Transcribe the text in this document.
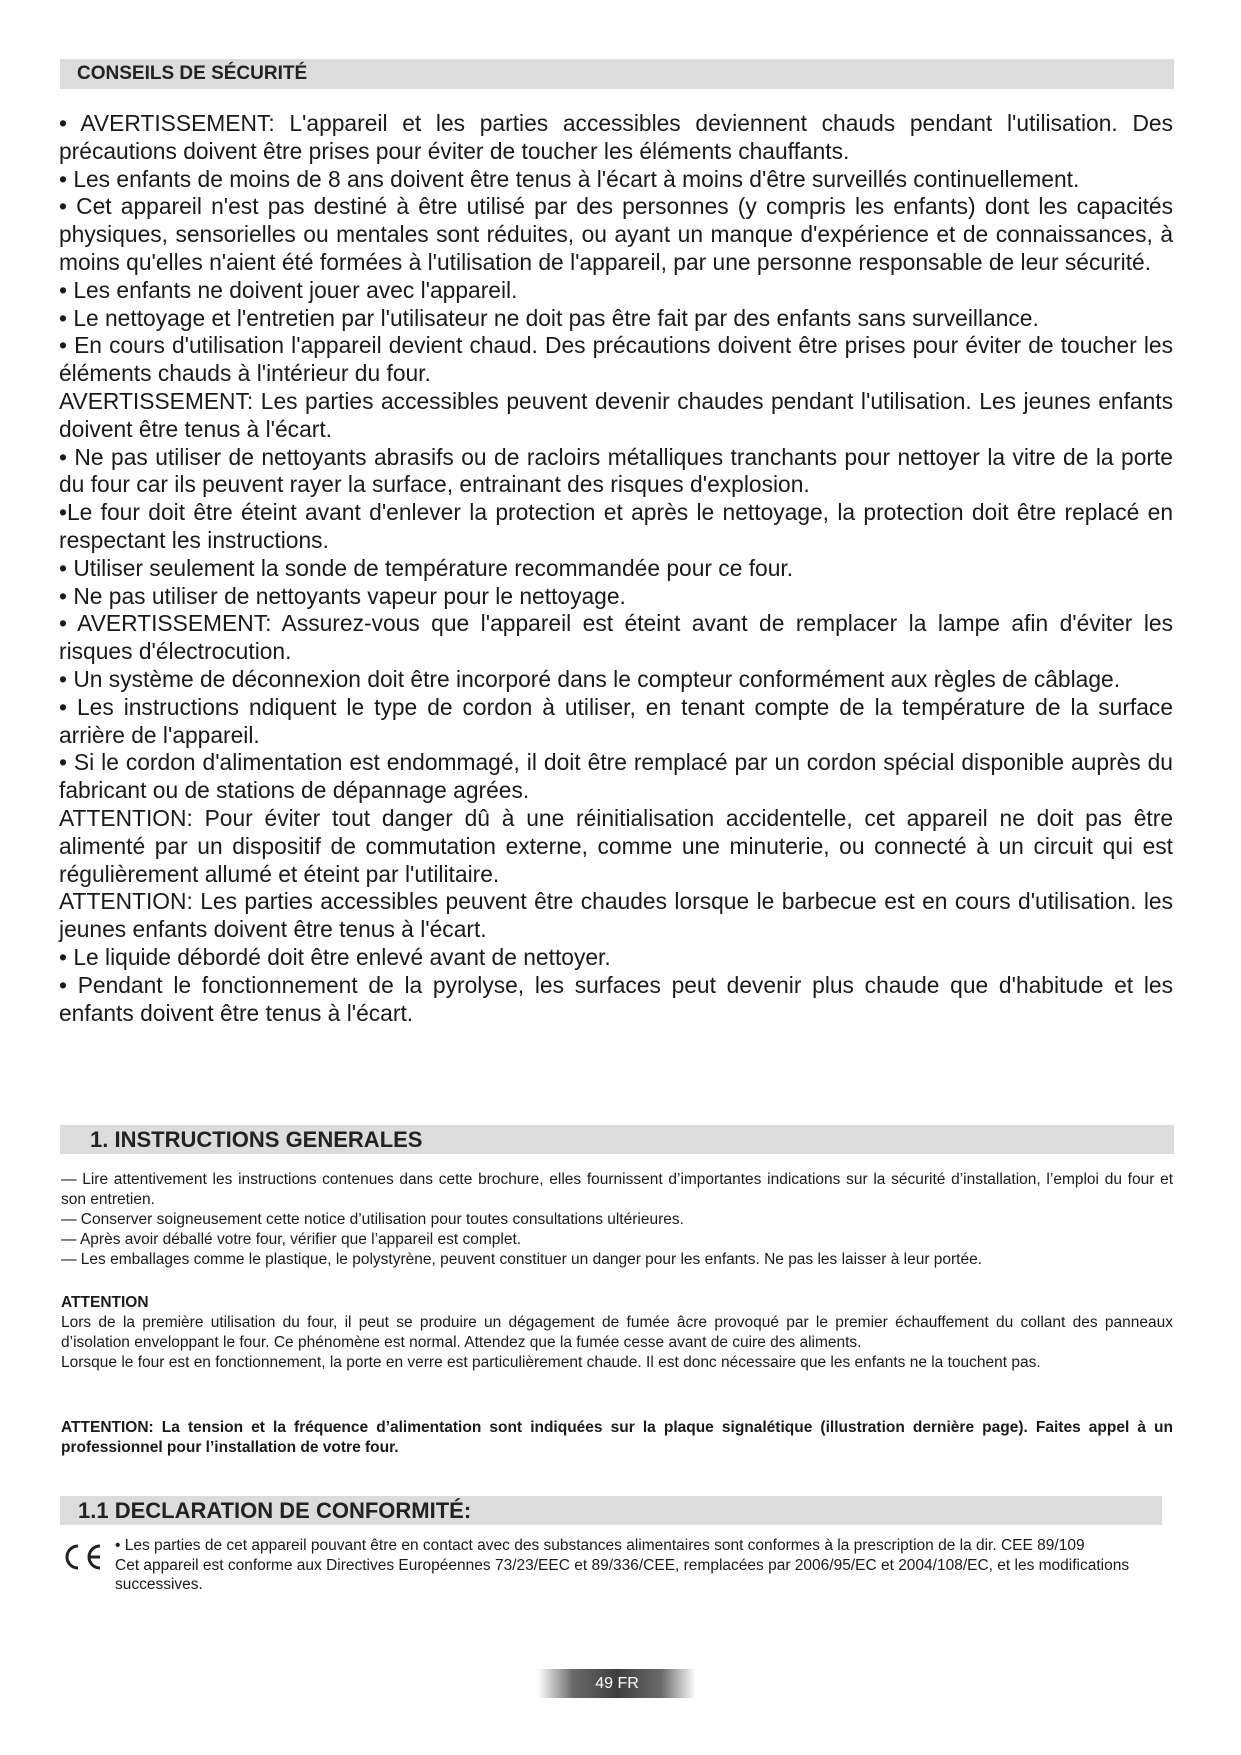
CONSEILS DE SÉCURITÉ

• AVERTISSEMENT: L'appareil et les parties accessibles deviennent chauds pendant l'utilisation. Des précautions doivent être prises pour éviter de toucher les éléments chauffants.

• Les enfants de moins de 8 ans doivent être tenus à l'écart à moins d'être surveillés continuellement.

• Cet appareil n'est pas destiné à être utilisé par des personnes (y compris les enfants) dont les capacités physiques, sensorielles ou mentales sont réduites, ou ayant un manque d'expérience et de connaissances, à moins qu'elles n'aient été formées à l'utilisation de l'appareil, par une personne responsable de leur sécurité.

• Les enfants ne doivent jouer avec l'appareil.

• Le nettoyage et l'entretien par l'utilisateur ne doit pas être fait par des enfants sans surveillance.

• En cours d'utilisation l'appareil devient chaud. Des précautions doivent être prises pour éviter de toucher les éléments chauds à l'intérieur du four.

AVERTISSEMENT: Les parties accessibles peuvent devenir chaudes pendant l'utilisation. Les jeunes enfants doivent être tenus à l'écart.

• Ne pas utiliser de nettoyants abrasifs ou de racloirs métalliques tranchants pour nettoyer la vitre de la porte du four car ils peuvent rayer la surface, entrainant des risques d'explosion.

•Le four doit être éteint avant d'enlever la protection et après le nettoyage, la protection doit être replacé en respectant les instructions.

• Utiliser seulement la sonde de température recommandée pour ce four.

• Ne pas utiliser de nettoyants vapeur pour le nettoyage.

• AVERTISSEMENT: Assurez-vous que l'appareil est éteint avant de remplacer la lampe afin d'éviter les risques d'électrocution.

• Un système de déconnexion doit être incorporé dans le compteur conformément aux règles de câblage.

• Les instructions ndiquent le type de cordon à utiliser, en tenant compte de la température de la surface arrière de l'appareil.

• Si le cordon d'alimentation est endommagé, il doit être remplacé par un cordon spécial disponible auprès du fabricant ou de stations de dépannage agrées.

ATTENTION: Pour éviter tout danger dû à une réinitialisation accidentelle, cet appareil ne doit pas être alimenté par un dispositif de commutation externe, comme une minuterie, ou connecté à un circuit qui est régulièrement allumé et éteint par l'utilitaire.

ATTENTION: Les parties accessibles peuvent être chaudes lorsque le barbecue est en cours d'utilisation. les jeunes enfants doivent être tenus à l'écart.

• Le liquide débordé doit être enlevé avant de nettoyer.

• Pendant le fonctionnement de la pyrolyse, les surfaces peut devenir plus chaude que d'habitude et les enfants doivent être tenus à l'écart.

1. INSTRUCTIONS GENERALES

— Lire attentivement les instructions contenues dans cette brochure, elles fournissent d’importantes indications sur la sécurité d’installation, l’emploi du four et son entretien.

— Conserver soigneusement cette notice d’utilisation pour toutes consultations ultérieures.

— Après avoir déballé votre four, vérifier que l’appareil est complet.

— Les emballages comme le plastique, le polystyrène, peuvent constituer un danger pour les enfants. Ne pas les laisser à leur portée.

ATTENTION

Lors de la première utilisation du four, il peut se produire un dégagement de fumée âcre provoqué par le premier échauffement du collant des panneaux d’isolation enveloppant le four. Ce phénomène est normal. Attendez que la fumée cesse avant de cuire des aliments.

Lorsque le four est en fonctionnement, la porte en verre est particulièrement chaude. Il est donc nécessaire que les enfants ne la touchent pas.

ATTENTION: La tension et la fréquence d’alimentation sont indiquées sur la plaque signalétique (illustration dernière page). Faites appel à un professionnel pour l’installation de votre four.

1.1 DECLARATION DE CONFORMITÉ:

• Les parties de cet appareil pouvant être en contact avec des substances alimentaires sont conformes à la prescription de la dir. CEE 89/109

Cet appareil est conforme aux Directives Européennes 73/23/EEC et 89/336/CEE, remplacées par 2006/95/EC et 2004/108/EC, et les modifications successives.

49 FR
